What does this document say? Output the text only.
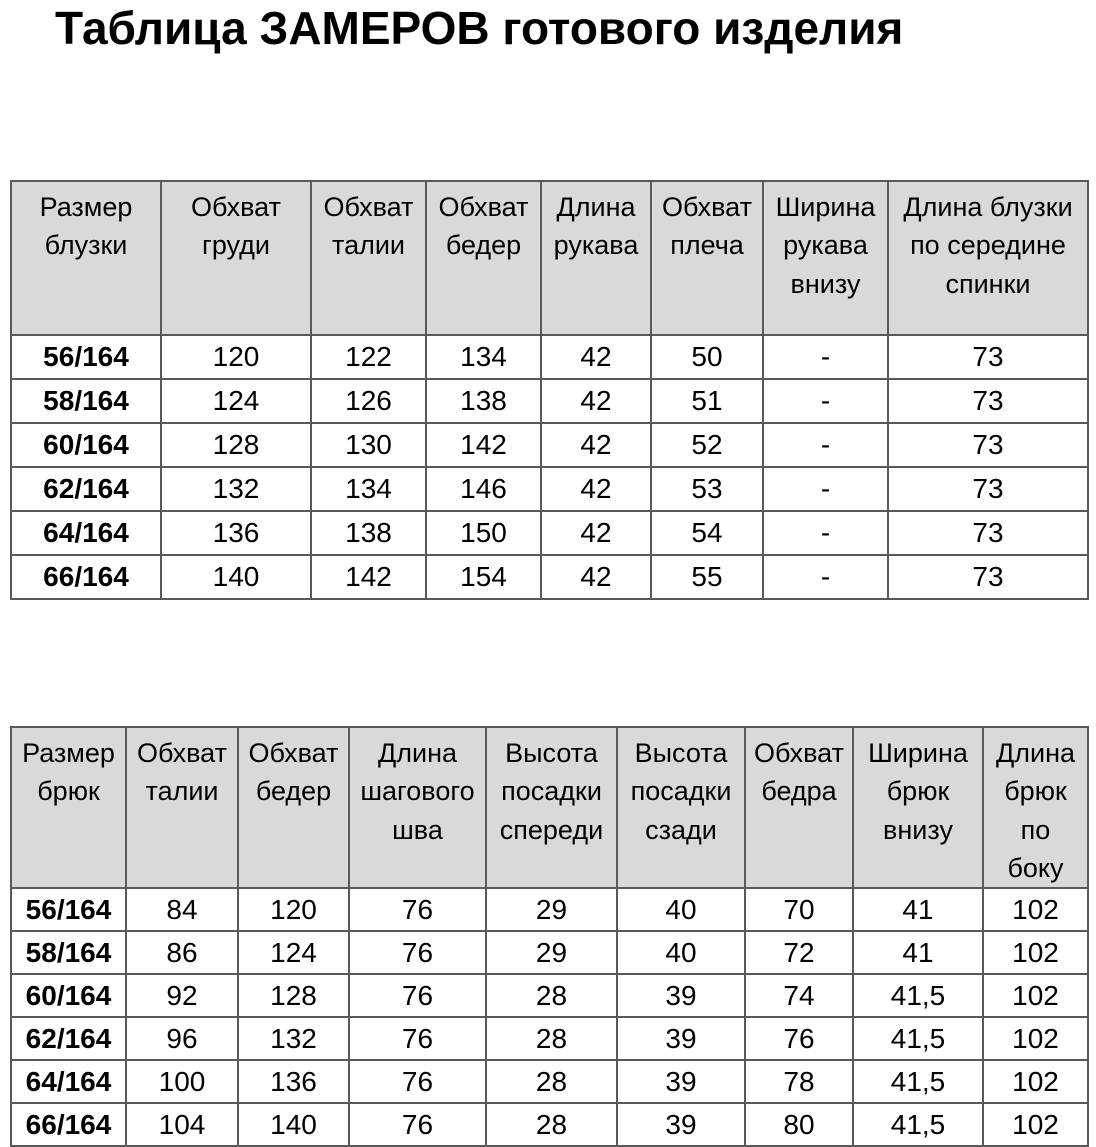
Таблица ЗАМЕРОВ готового изделия
Размер блузки	Обхват груди	Обхват талии	Обхват бедер	Длина рукава	Обхват плеча	Ширина рукава внизу	Длина блузки по середине спинки
56/164	120	122	134	42	50	-	73
58/164	124	126	138	42	51	-	73
60/164	128	130	142	42	52	-	73
62/164	132	134	146	42	53	-	73
64/164	136	138	150	42	54	-	73
66/164	140	142	154	42	55	-	73
Размер брюк	Обхват талии	Обхват бедер	Длина шагового шва	Высота посадки спереди	Высота посадки сзади	Обхват бедра	Ширина брюк внизу	Длина брюк по боку
56/164	84	120	76	29	40	70	41	102
58/164	86	124	76	29	40	72	41	102
60/164	92	128	76	28	39	74	41,5	102
62/164	96	132	76	28	39	76	41,5	102
64/164	100	136	76	28	39	78	41,5	102
66/164	104	140	76	28	39	80	41,5	102
